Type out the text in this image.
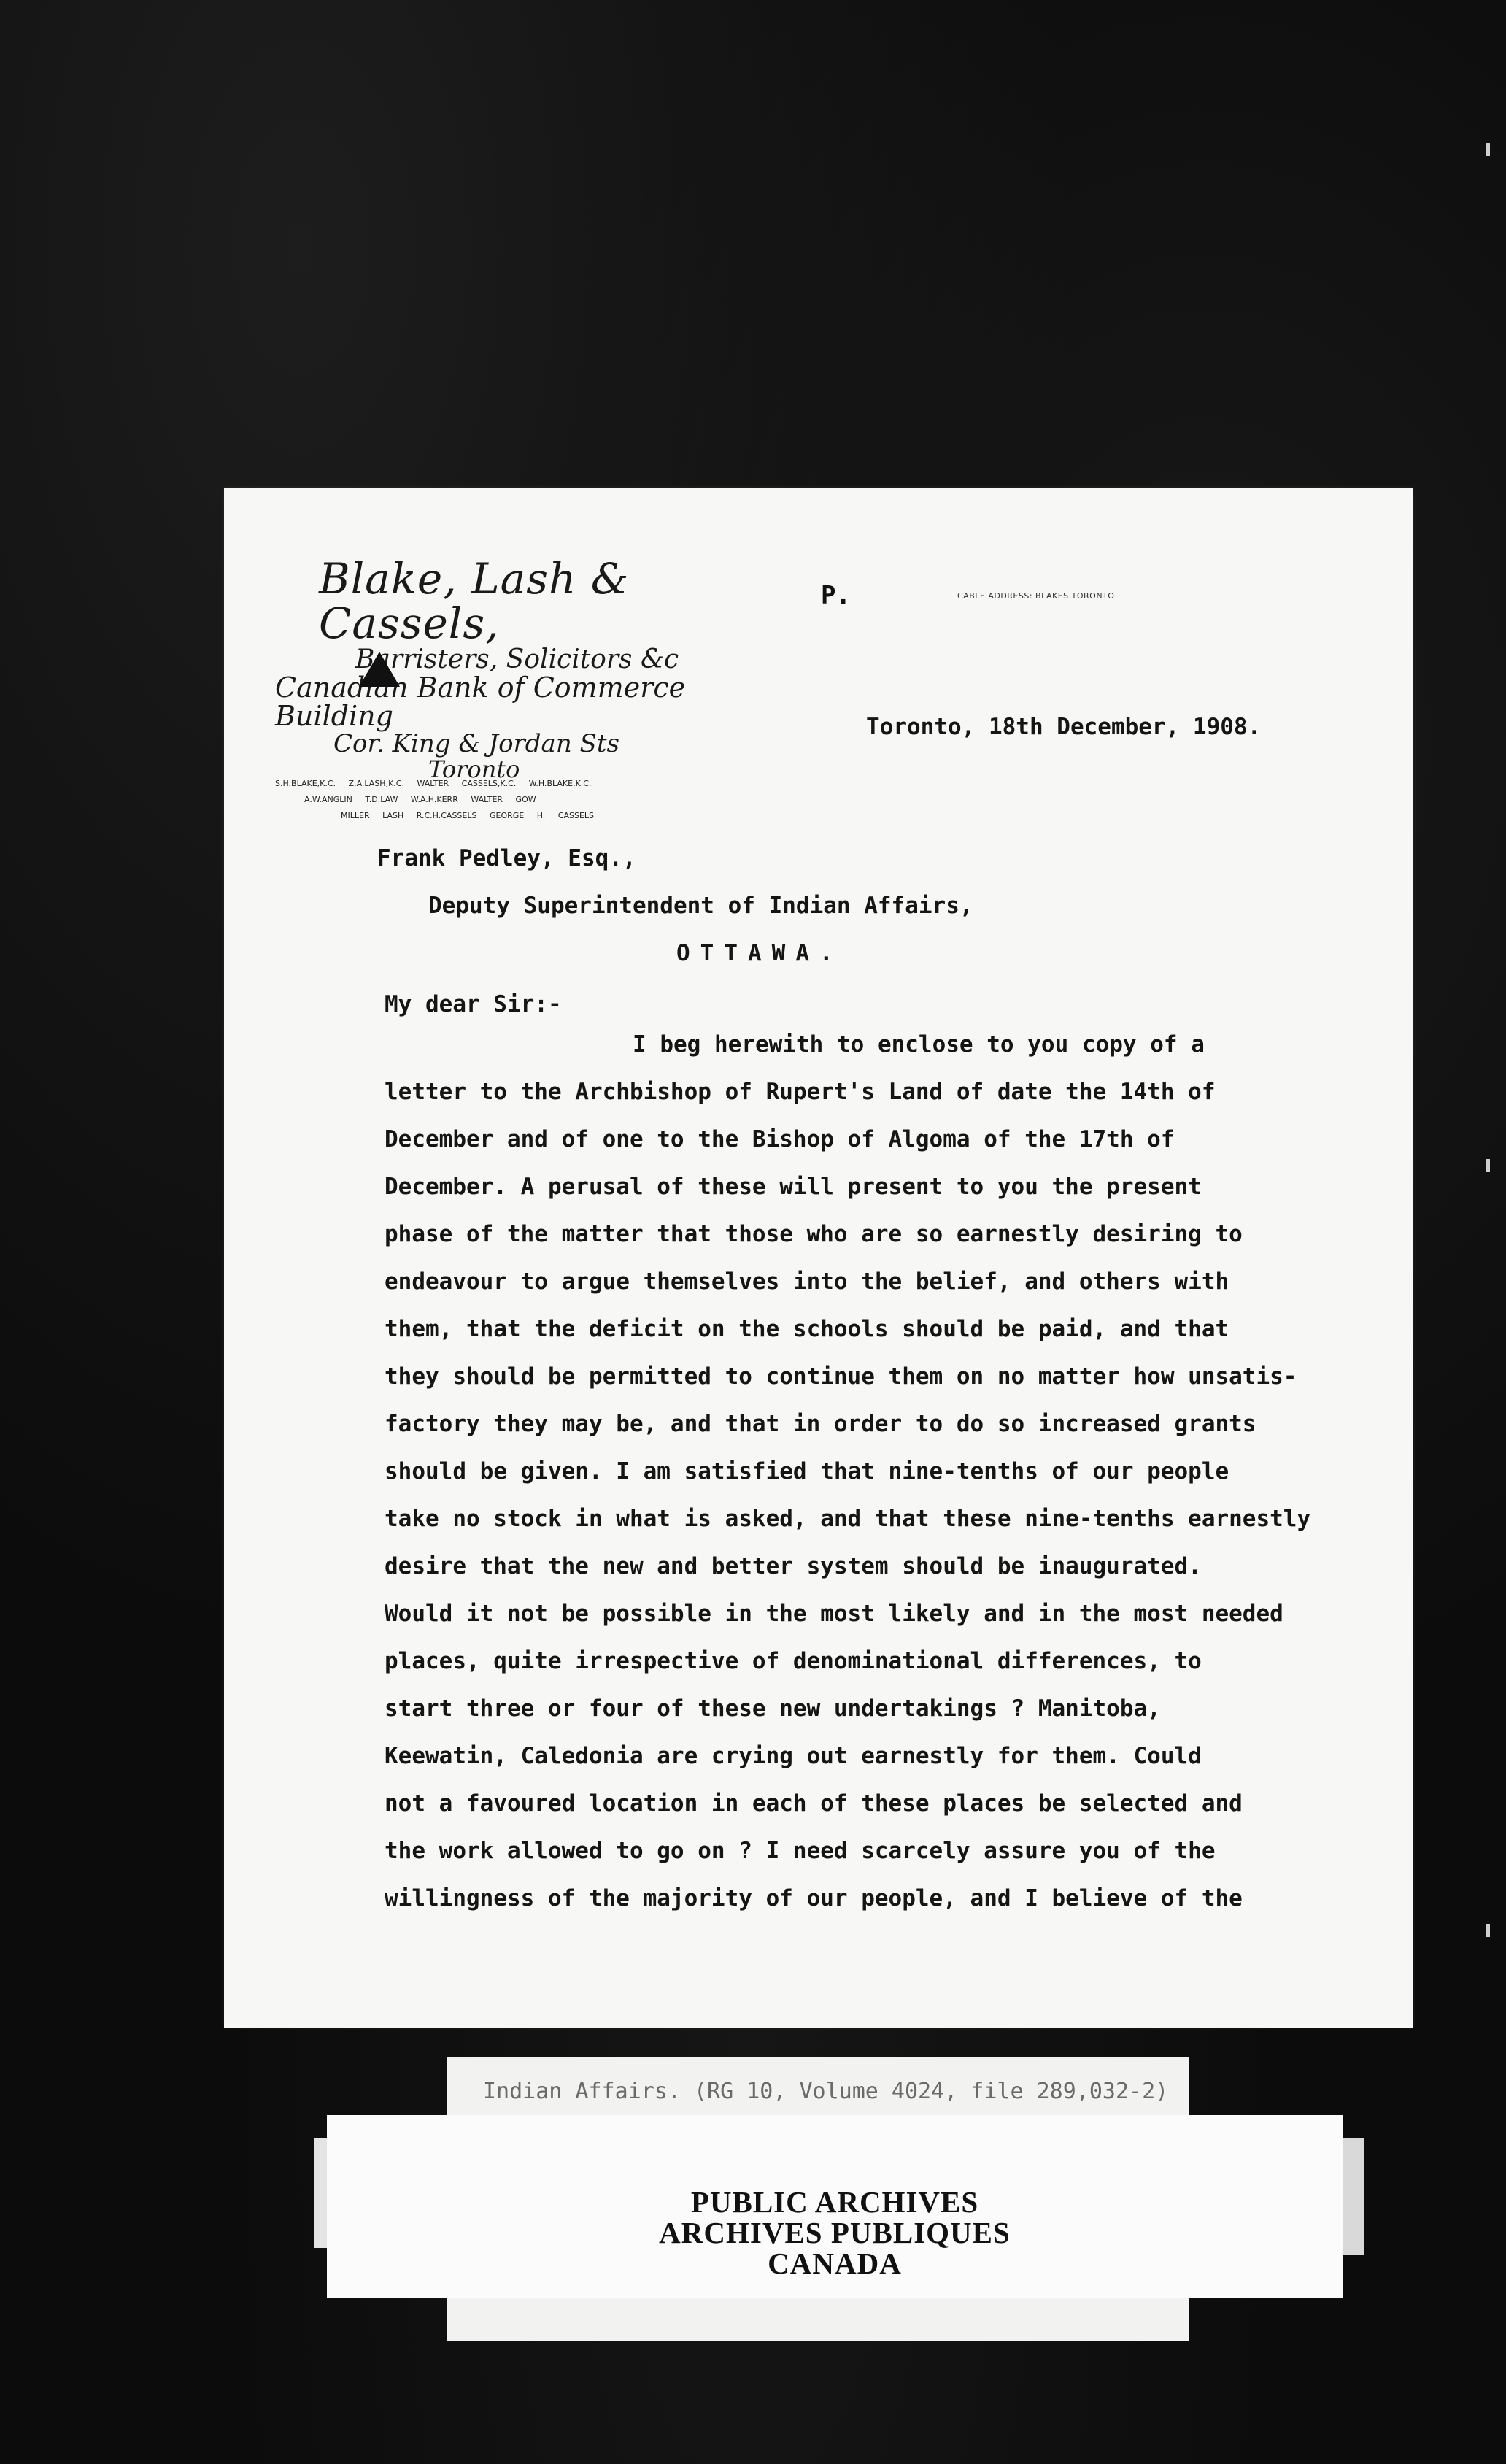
Blake, Lash & Cassels,
Barristers, Solicitors &c
Canadian Bank of Commerce Building
Cor. King & Jordan Sts
Toronto
S.H.BLAKE,K.C. Z.A.LASH,K.C. WALTER CASSELS,K.C. W.H.BLAKE,K.C.
A.W.ANGLIN T.D.LAW W.A.H.KERR WALTER GOW
MILLER LASH R.C.H.CASSELS GEORGE H. CASSELS
P.	CABLE ADDRESS: BLAKES TORONTO
Toronto, 18th December, 1908.
Frank Pedley, Esq.,
Deputy Superintendent of Indian Affairs,
OTTAWA.
My dear Sir:-
I beg herewith to enclose to you copy of a
letter to the Archbishop of Rupert's Land of date the 14th of
December and of one to the Bishop of Algoma of the 17th of
December. A perusal of these will present to you the present
phase of the matter that those who are so earnestly desiring to
endeavour to argue themselves into the belief, and others with
them, that the deficit on the schools should be paid, and that
they should be permitted to continue them on no matter how unsatis-
factory they may be, and that in order to do so increased grants
should be given. I am satisfied that nine-tenths of our people
take no stock in what is asked, and that these nine-tenths earnestly
desire that the new and better system should be inaugurated.
Would it not be possible in the most likely and in the most needed
places, quite irrespective of denominational differences, to
start three or four of these new undertakings ? Manitoba,
Keewatin, Caledonia are crying out earnestly for them. Could
not a favoured location in each of these places be selected and
the work allowed to go on ? I need scarcely assure you of the
willingness of the majority of our people, and I believe of the
Indian Affairs. (RG 10, Volume 4024, file 289,032-2)
PUBLIC ARCHIVES
ARCHIVES PUBLIQUES
CANADA
